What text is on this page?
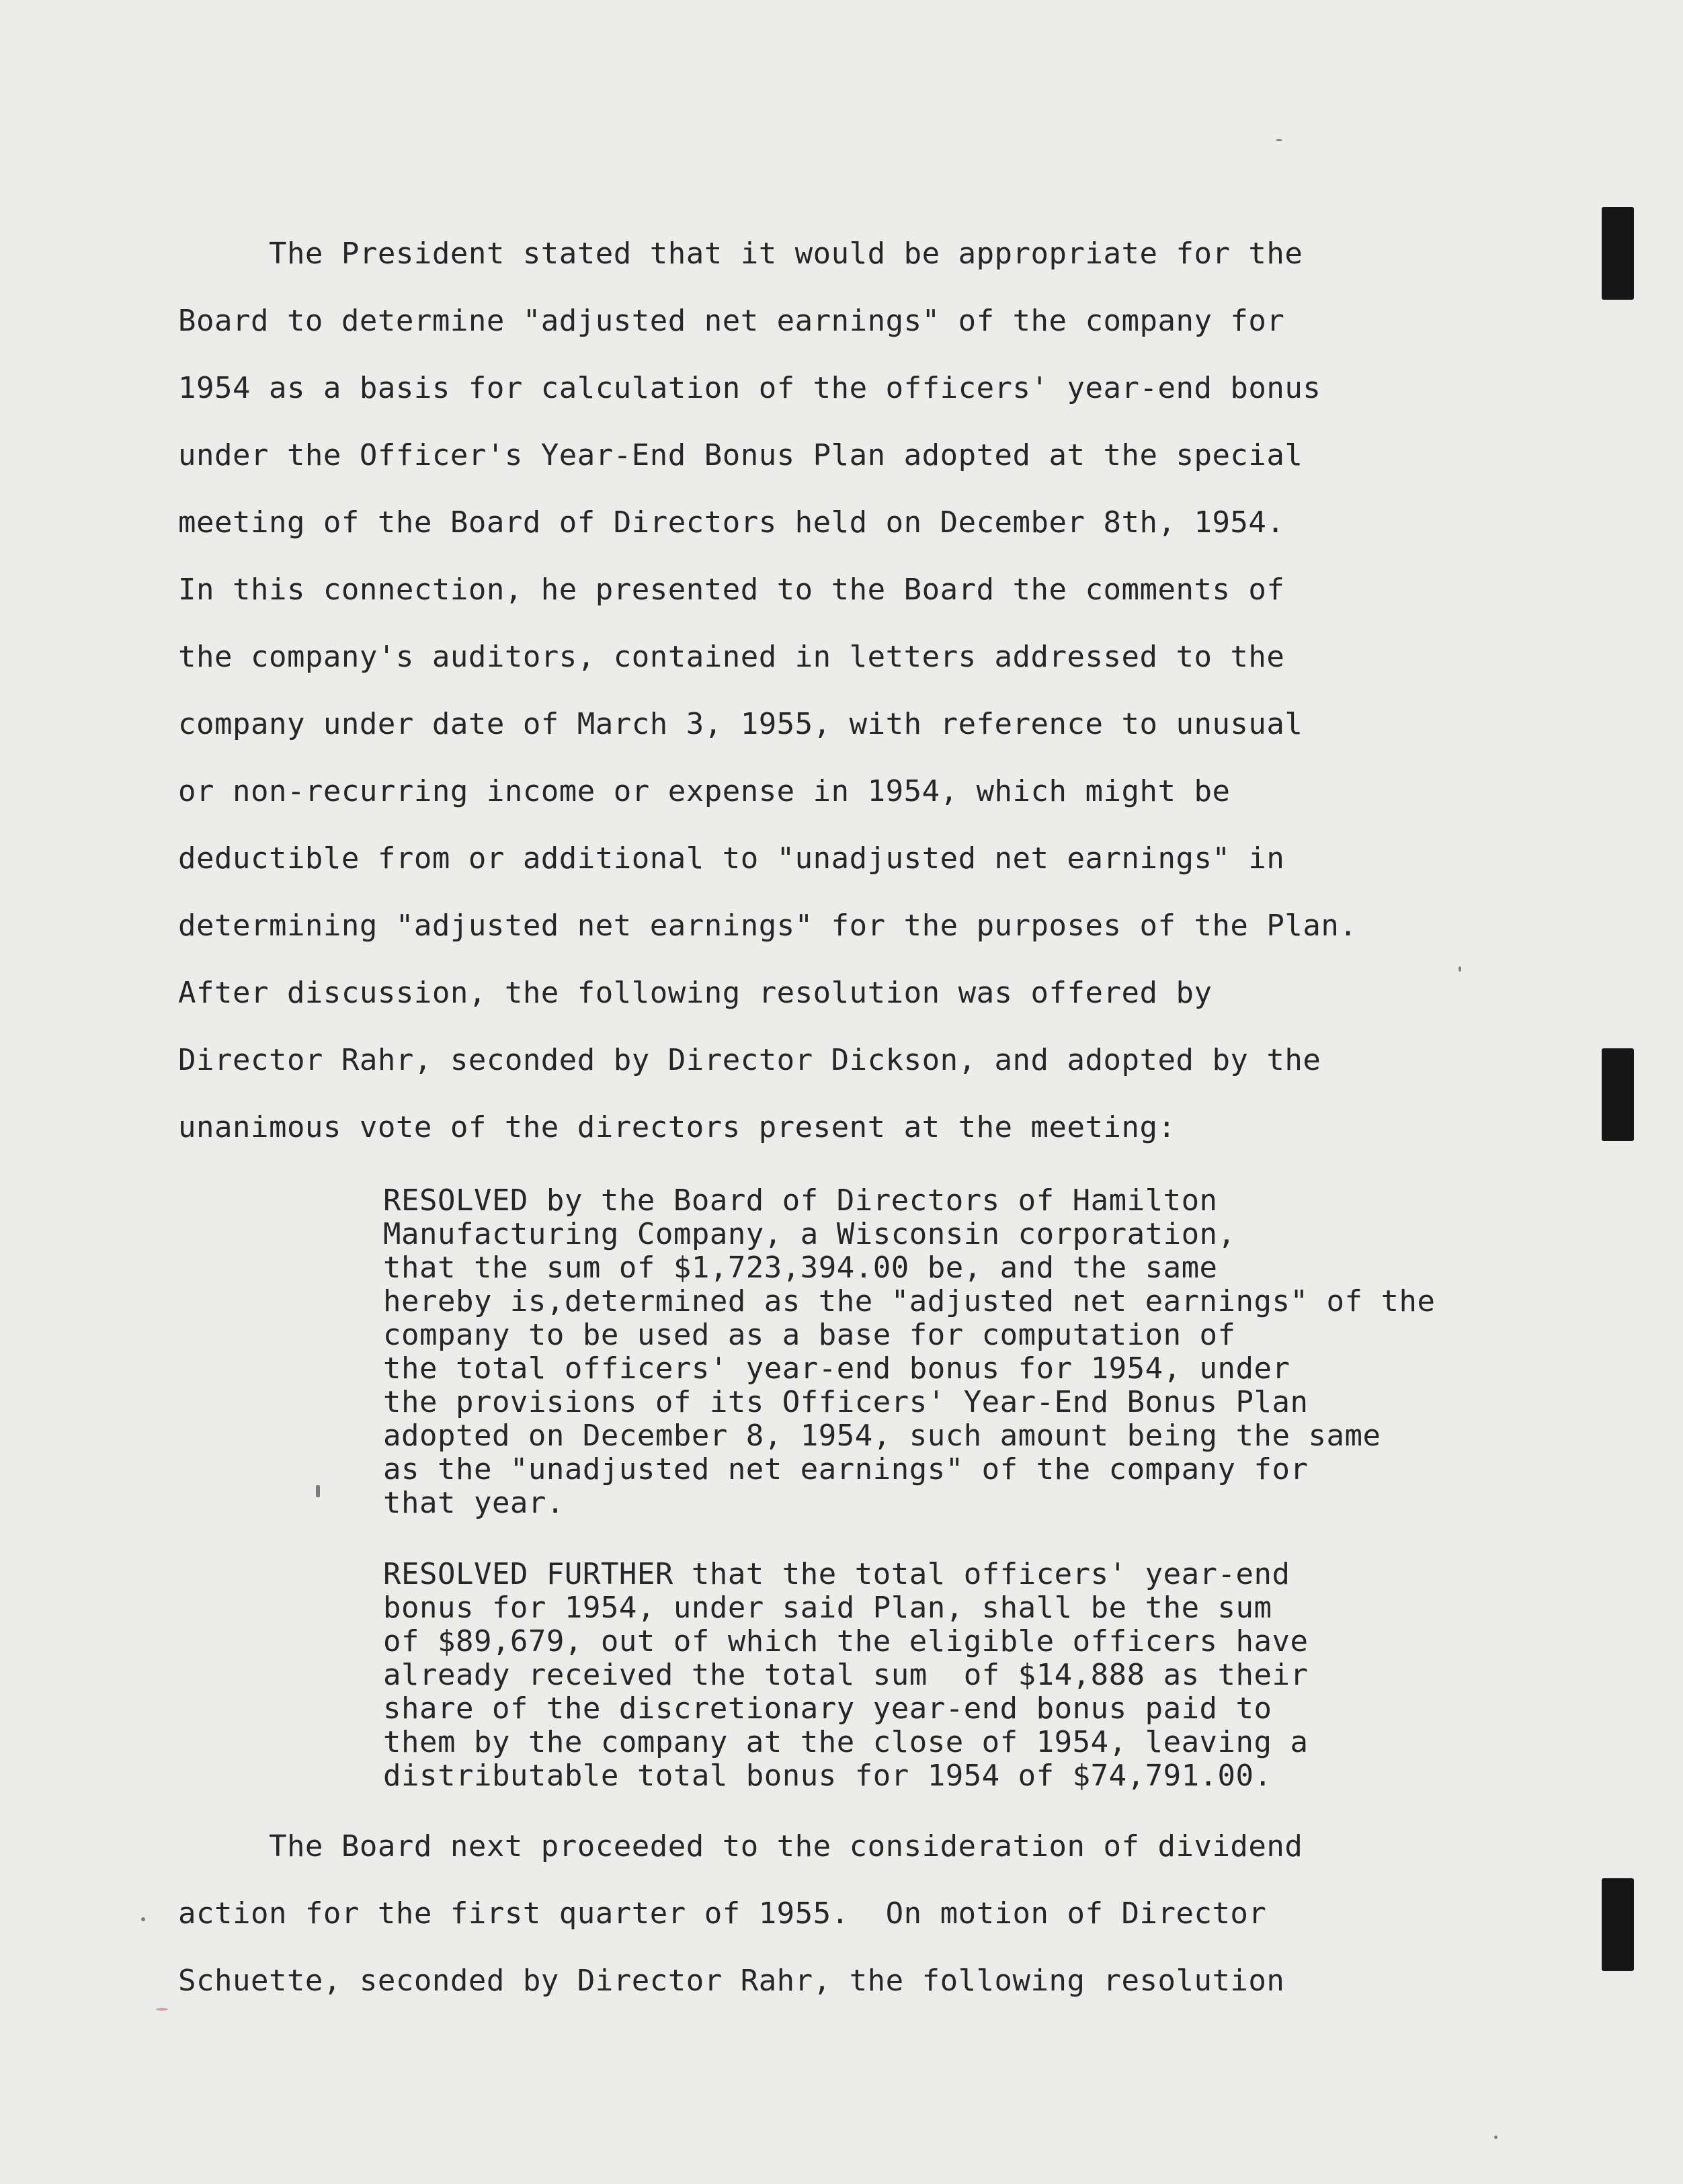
The President stated that it would be appropriate for the
Board to determine "adjusted net earnings" of the company for
1954 as a basis for calculation of the officers' year-end bonus
under the Officer's Year-End Bonus Plan adopted at the special
meeting of the Board of Directors held on December 8th, 1954.
In this connection, he presented to the Board the comments of
the company's auditors, contained in letters addressed to the
company under date of March 3, 1955, with reference to unusual
or non-recurring income or expense in 1954, which might be
deductible from or additional to "unadjusted net earnings" in
determining "adjusted net earnings" for the purposes of the Plan.
After discussion, the following resolution was offered by
Director Rahr, seconded by Director Dickson, and adopted by the
unanimous vote of the directors present at the meeting:
RESOLVED by the Board of Directors of Hamilton
Manufacturing Company, a Wisconsin corporation,
that the sum of $1,723,394.00 be, and the same
hereby is,determined as the "adjusted net earnings" of the
company to be used as a base for computation of
the total officers' year-end bonus for 1954, under
the provisions of its Officers' Year-End Bonus Plan
adopted on December 8, 1954, such amount being the same
as the "unadjusted net earnings" of the company for
that year.
RESOLVED FURTHER that the total officers' year-end
bonus for 1954, under said Plan, shall be the sum
of $89,679, out of which the eligible officers have
already received the total sum  of $14,888 as their
share of the discretionary year-end bonus paid to
them by the company at the close of 1954, leaving a
distributable total bonus for 1954 of $74,791.00.
The Board next proceeded to the consideration of dividend
action for the first quarter of 1955.  On motion of Director
Schuette, seconded by Director Rahr, the following resolution
